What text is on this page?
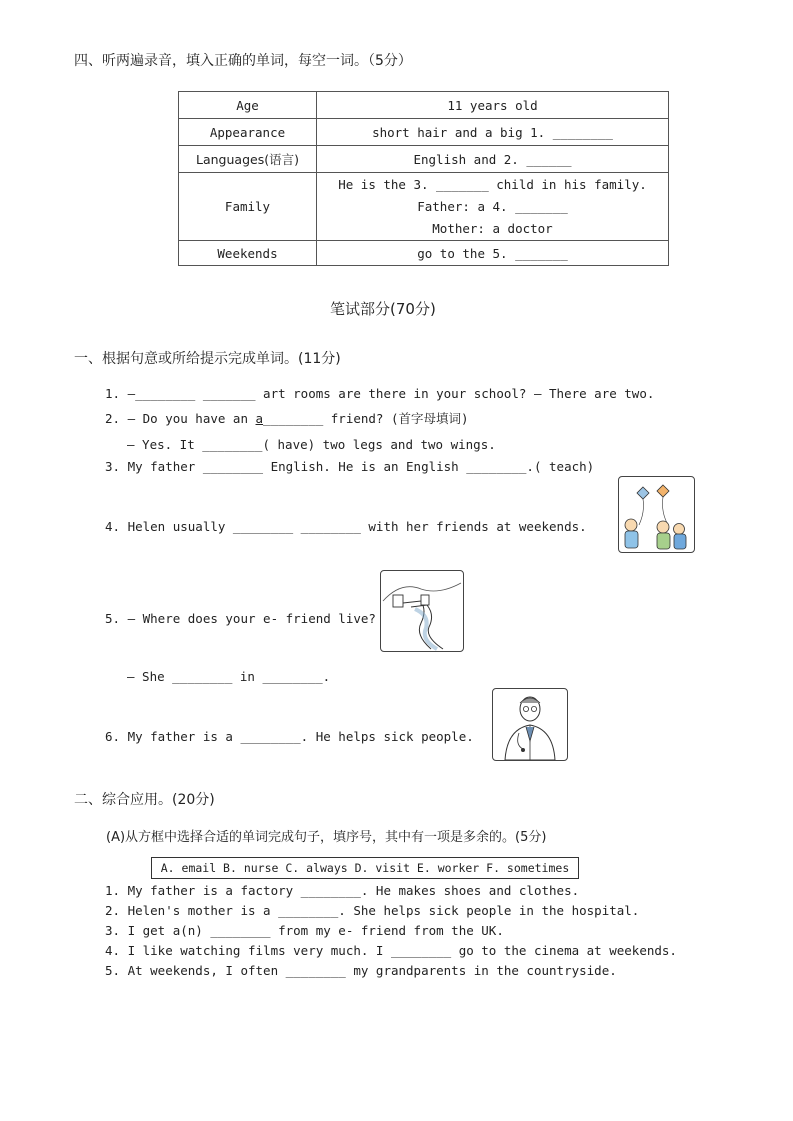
四、听两遍录音，填入正确的单词，每空一词。（5分）
Age	11 years old
Appearance	short hair and a big 1. ________
Languages(语言)	English and 2. ______
Family	He is the 3. _______ child in his family.
Father: a 4. _______
Mother: a doctor

Weekends	go to the 5. _______
笔试部分(70分)
一、根据句意或所给提示完成单词。(11分)
1. —________ _______ art rooms are there in your school? — There are two.
2. — Do you have an a________ friend? (首字母填词)
— Yes. It ________( have) two legs and two wings.
3. My father ________ English. He is an English ________.( teach)
4. Helen usually ________ ________ with her friends at weekends.
5. — Where does your e- friend live?
— She ________ in ________.
6. My father is a ________. He helps sick people.
二、综合应用。(20分)
(A)从方框中选择合适的单词完成句子，填序号，其中有一项是多余的。(5分)
A. email B. nurse C. always D. visit E. worker F. sometimes
1. My father is a factory ________. He makes shoes and clothes.
2. Helen's mother is a ________. She helps sick people in the hospital.
3. I get a(n) ________ from my e- friend from the UK.
4. I like watching films very much. I ________ go to the cinema at weekends.
5. At weekends, I often ________ my grandparents in the countryside.
